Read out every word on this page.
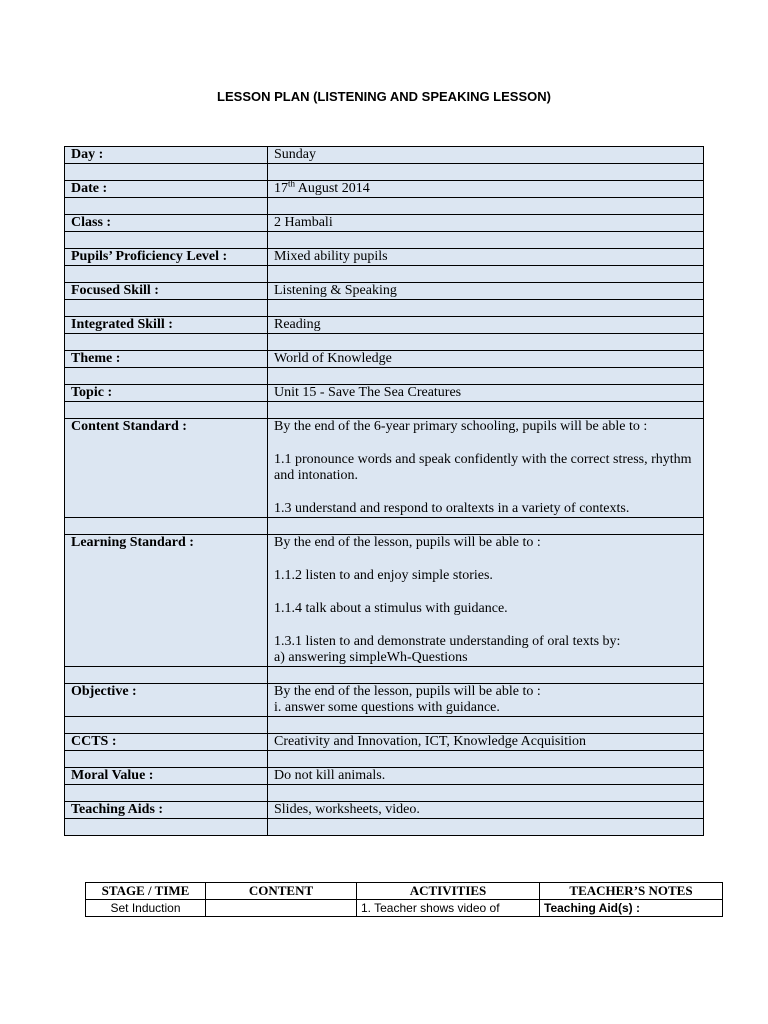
LESSON PLAN (LISTENING AND SPEAKING LESSON)
Day :	Sunday

Date :	17th August 2014

Class :	2 Hambali

Pupils’ Proficiency Level :	Mixed ability pupils

Focused Skill :	Listening & Speaking

Integrated Skill :	Reading

Theme :	World of Knowledge

Topic :	Unit 15 - Save The Sea Creatures

Content Standard :	By the end of the 6-year primary schooling, pupils will be able to :

1.1 pronounce words and speak confidently with the correct stress, rhythm and intonation.

1.3 understand and respond to oraltexts in a variety of contexts.

Learning Standard :	By the end of the lesson, pupils will be able to :

1.1.2 listen to and enjoy simple stories.

1.1.4 talk about a stimulus with guidance.

1.3.1 listen to and demonstrate understanding of oral texts by:

a) answering simpleWh-Questions

Objective :	By the end of the lesson, pupils will be able to :

i. answer some questions with guidance.

CCTS :	Creativity and Innovation, ICT, Knowledge Acquisition

Moral Value :	Do not kill animals.

Teaching Aids :	Slides, worksheets, video.

STAGE / TIME	CONTENT	ACTIVITIES	TEACHER’S NOTES
Set Induction		1. Teacher shows video of	Teaching Aid(s) :
